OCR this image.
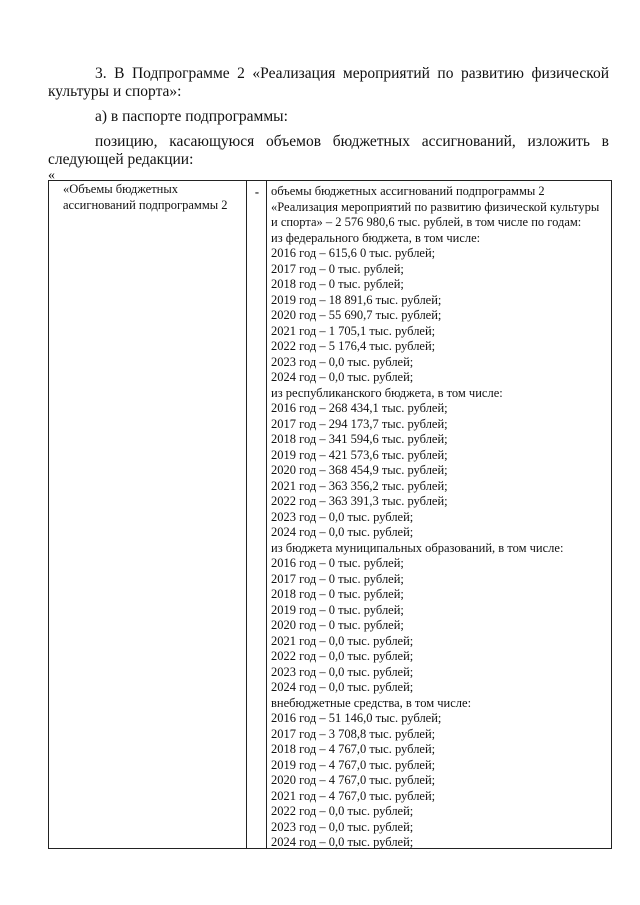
3. В Подпрограмме 2 «Реализация мероприятий по развитию физической
культуры и спорта»:
а) в паспорте подпрограммы:
позицию, касающуюся объемов бюджетных ассигнований, изложить в
следующей редакции:
«
«Объемы бюджетных
ассигнований подпрограммы 2
- объемы бюджетных ассигнований подпрограммы 2 «Реализация мероприятий по развитию физической культуры и спорта» – 2 576 980,6 тыс. рублей, в том числе по годам:
из федерального бюджета, в том числе:
2016 год – 615,6 0 тыс. рублей;
2017 год – 0 тыс. рублей;
2018 год – 0 тыс. рублей;
2019 год – 18 891,6 тыс. рублей;
2020 год – 55 690,7 тыс. рублей;
2021 год – 1 705,1 тыс. рублей;
2022 год – 5 176,4 тыс. рублей;
2023 год – 0,0 тыс. рублей;
2024 год – 0,0 тыс. рублей;
из республиканского бюджета, в том числе:
2016 год – 268 434,1 тыс. рублей;
2017 год – 294 173,7 тыс. рублей;
2018 год – 341 594,6 тыс. рублей;
2019 год – 421 573,6 тыс. рублей;
2020 год – 368 454,9 тыс. рублей;
2021 год – 363 356,2 тыс. рублей;
2022 год – 363 391,3 тыс. рублей;
2023 год – 0,0 тыс. рублей;
2024 год – 0,0 тыс. рублей;
из бюджета муниципальных образований, в том числе:
2016 год – 0 тыс. рублей;
2017 год – 0 тыс. рублей;
2018 год – 0 тыс. рублей;
2019 год – 0 тыс. рублей;
2020 год – 0 тыс. рублей;
2021 год – 0,0 тыс. рублей;
2022 год – 0,0 тыс. рублей;
2023 год – 0,0 тыс. рублей;
2024 год – 0,0 тыс. рублей;
внебюджетные средства, в том числе:
2016 год – 51 146,0 тыс. рублей;
2017 год – 3 708,8 тыс. рублей;
2018 год – 4 767,0 тыс. рублей;
2019 год – 4 767,0 тыс. рублей;
2020 год – 4 767,0 тыс. рублей;
2021 год – 4 767,0 тыс. рублей;
2022 год – 0,0 тыс. рублей;
2023 год – 0,0 тыс. рублей;
2024 год – 0,0 тыс. рублей;
